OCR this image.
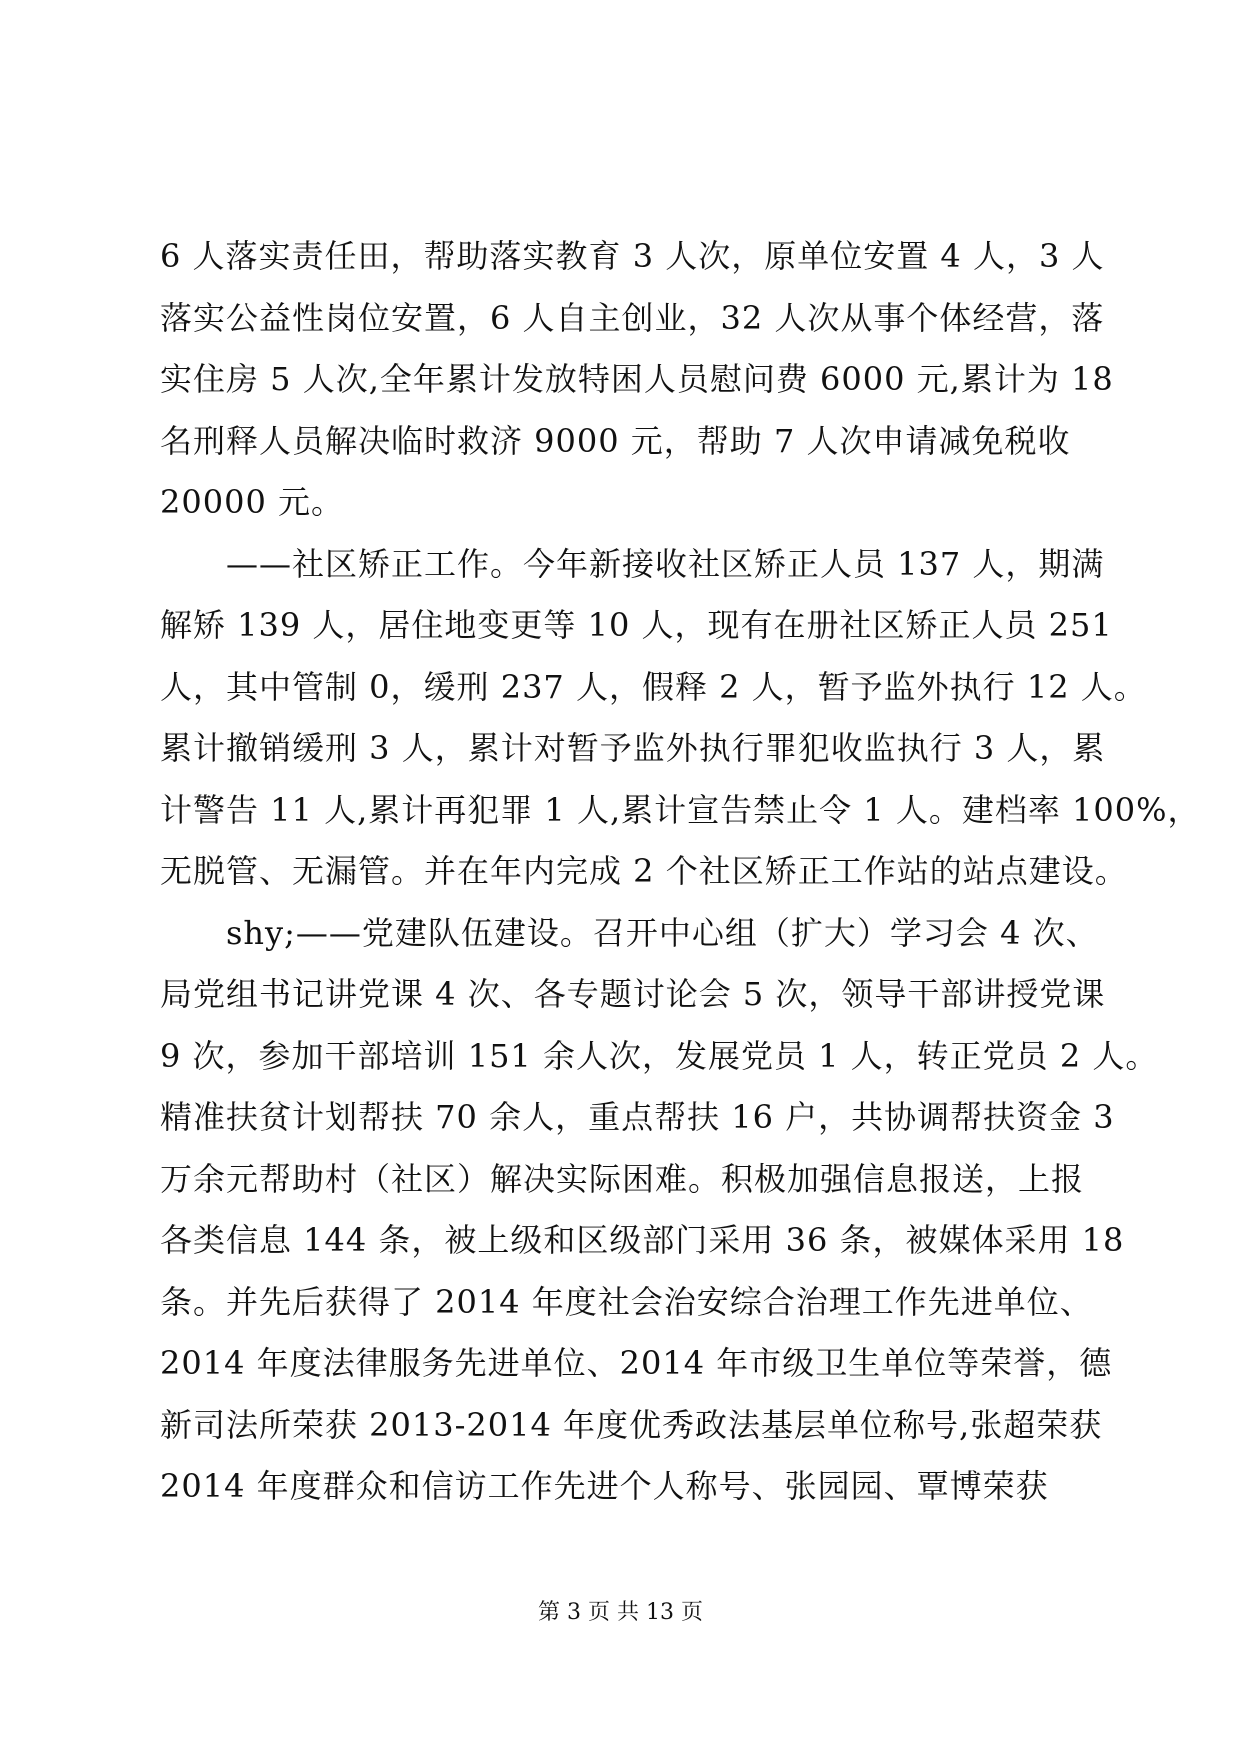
6 人落实责任田，帮助落实教育 3 人次，原单位安置 4 人，3 人
落实公益性岗位安置，6 人自主创业，32 人次从事个体经营，落
实住房 5 人次,全年累计发放特困人员慰问费 6000 元,累计为 18
名刑释人员解决临时救济 9000 元，帮助 7 人次申请减免税收
20000 元。
——社区矫正工作。今年新接收社区矫正人员 137 人，期满
解矫 139 人，居住地变更等 10 人，现有在册社区矫正人员 251
人，其中管制 0，缓刑 237 人，假释 2 人，暂予监外执行 12 人。
累计撤销缓刑 3 人，累计对暂予监外执行罪犯收监执行 3 人，累
计警告 11 人,累计再犯罪 1 人,累计宣告禁止令 1 人。建档率 100%，
无脱管、无漏管。并在年内完成 2 个社区矫正工作站的站点建设。
shy;——党建队伍建设。召开中心组（扩大）学习会 4 次、
局党组书记讲党课 4 次、各专题讨论会 5 次，领导干部讲授党课
9 次，参加干部培训 151 余人次，发展党员 1 人，转正党员 2 人。
精准扶贫计划帮扶 70 余人，重点帮扶 16 户，共协调帮扶资金 3
万余元帮助村（社区）解决实际困难。积极加强信息报送，上报
各类信息 144 条，被上级和区级部门采用 36 条，被媒体采用 18
条。并先后获得了 2014 年度社会治安综合治理工作先进单位、
2014 年度法律服务先进单位、2014 年市级卫生单位等荣誉，德
新司法所荣获 2013-2014 年度优秀政法基层单位称号,张超荣获
2014 年度群众和信访工作先进个人称号、张园园、覃博荣获
第 3 页 共 13 页
